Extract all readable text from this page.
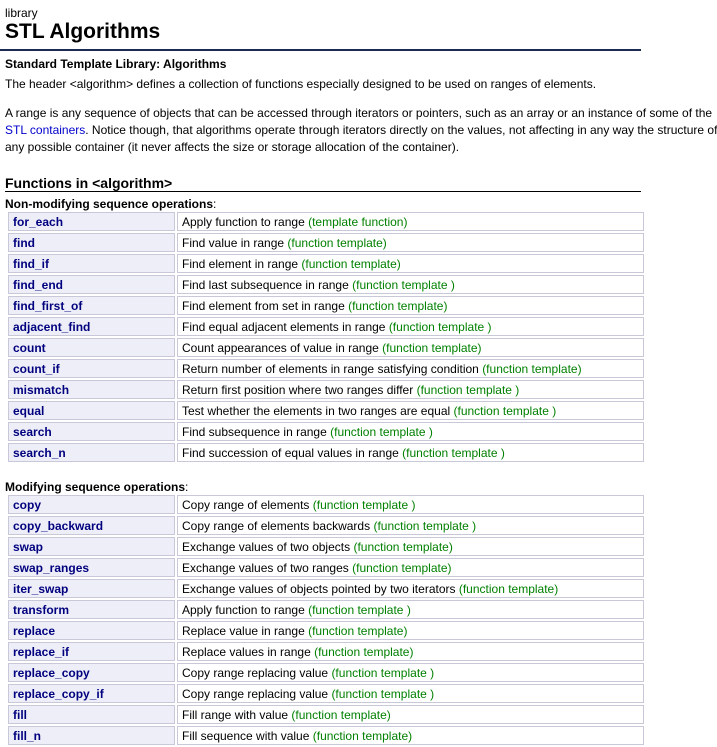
library
STL Algorithms
Standard Template Library: Algorithms
The header <algorithm> defines a collection of functions especially designed to be used on ranges of elements.
A range is any sequence of objects that can be accessed through iterators or pointers, such as an array or an instance of some of the
STL containers. Notice though, that algorithms operate through iterators directly on the values, not affecting in any way the structure of
any possible container (it never affects the size or storage allocation of the container).
Functions in <algorithm>
Non-modifying sequence operations:
for_each	Apply function to range (template function)
find	Find value in range (function template)
find_if	Find element in range (function template)
find_end	Find last subsequence in range (function template )
find_first_of	Find element from set in range (function template)
adjacent_find	Find equal adjacent elements in range (function template )
count	Count appearances of value in range (function template)
count_if	Return number of elements in range satisfying condition (function template)
mismatch	Return first position where two ranges differ (function template )
equal	Test whether the elements in two ranges are equal (function template )
search	Find subsequence in range (function template )
search_n	Find succession of equal values in range (function template )
Modifying sequence operations:
copy	Copy range of elements (function template )
copy_backward	Copy range of elements backwards (function template )
swap	Exchange values of two objects (function template)
swap_ranges	Exchange values of two ranges (function template)
iter_swap	Exchange values of objects pointed by two iterators (function template)
transform	Apply function to range (function template )
replace	Replace value in range (function template)
replace_if	Replace values in range (function template)
replace_copy	Copy range replacing value (function template )
replace_copy_if	Copy range replacing value (function template )
fill	Fill range with value (function template)
fill_n	Fill sequence with value (function template)
